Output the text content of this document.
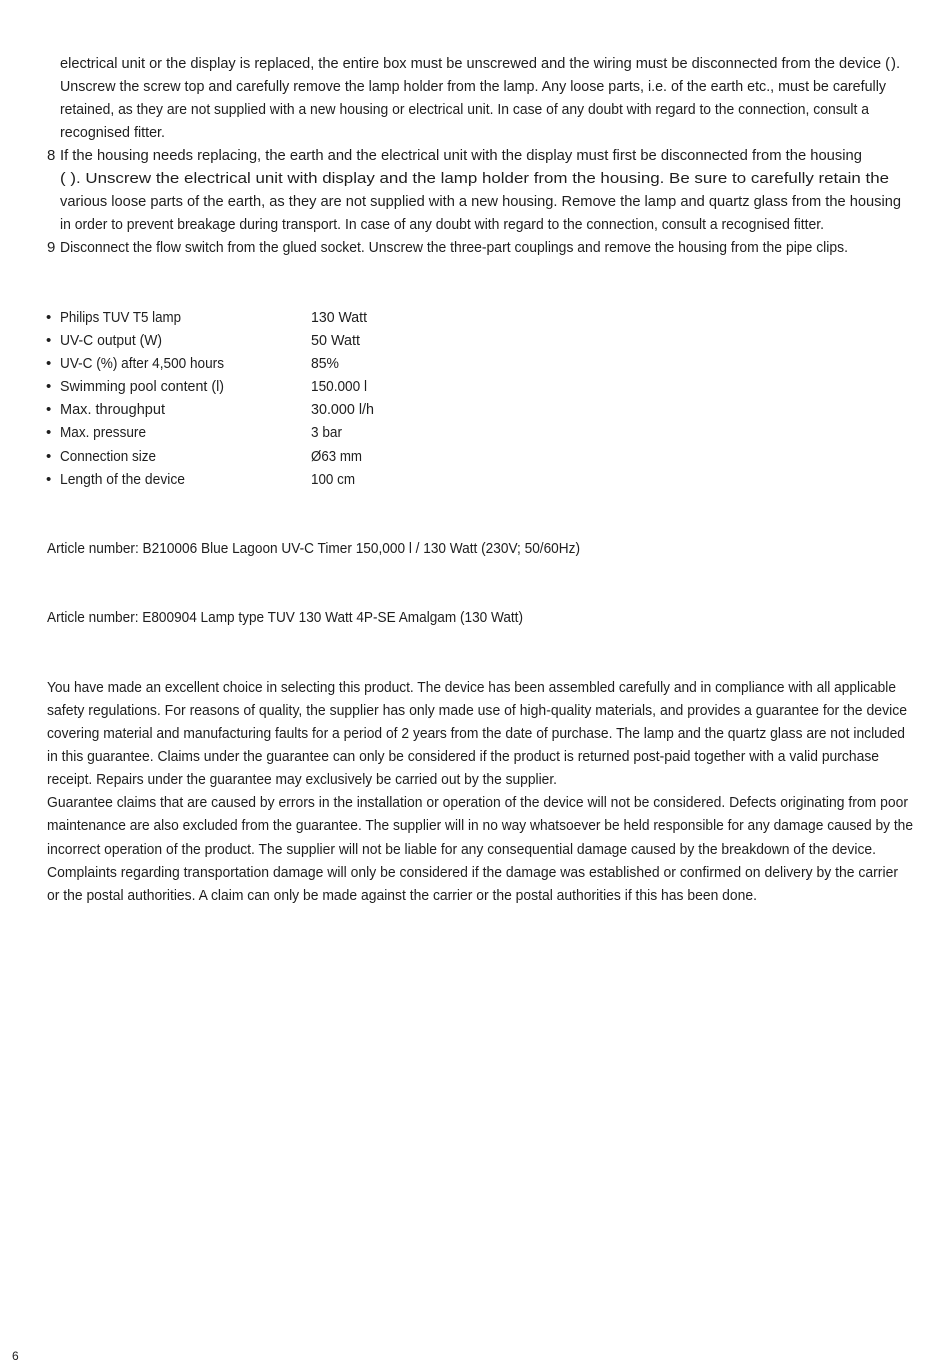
electrical unit or the display is replaced, the entire box must be unscrewed and the wiring must be disconnected from the device ( ).
Unscrew the screw top and carefully remove the lamp holder from the lamp. Any loose parts, i.e. of the earth etc., must be carefully
retained, as they are not supplied with a new housing or electrical unit. In case of any doubt with regard to the connection, consult a
recognised fitter.
8 If the housing needs replacing, the earth and the electrical unit with the display must first be disconnected from the housing
( ). Unscrew the electrical unit with display and the lamp holder from the housing. Be sure to carefully retain the
various loose parts of the earth, as they are not supplied with a new housing. Remove the lamp and quartz glass from the housing
in order to prevent breakage during transport. In case of any doubt with regard to the connection, consult a recognised fitter.
9 Disconnect the flow switch from the glued socket. Unscrew the three-part couplings and remove the housing from the pipe clips.
• Philips TUV T5 lamp	130 Watt
• UV-C output (W)	50 Watt
• UV-C (%) after 4,500 hours	85%
• Swimming pool content (l)	150.000 l
• Max. throughput	30.000 l/h
• Max. pressure	3 bar
• Connection size	Ø63 mm
• Length of the device	100 cm
Article number: B210006 Blue Lagoon UV-C Timer 150,000 l / 130 Watt (230V; 50/60Hz)
Article number: E800904 Lamp type TUV 130 Watt 4P-SE Amalgam (130 Watt)
You have made an excellent choice in selecting this product. The device has been assembled carefully and in compliance with all applicable
safety regulations. For reasons of quality, the supplier has only made use of high-quality materials, and provides a guarantee for the device
covering material and manufacturing faults for a period of 2 years from the date of purchase. The lamp and the quartz glass are not included
in this guarantee. Claims under the guarantee can only be considered if the product is returned post-paid together with a valid purchase
receipt. Repairs under the guarantee may exclusively be carried out by the supplier.
Guarantee claims that are caused by errors in the installation or operation of the device will not be considered. Defects originating from poor
maintenance are also excluded from the guarantee. The supplier will in no way whatsoever be held responsible for any damage caused by the
incorrect operation of the product. The supplier will not be liable for any consequential damage caused by the breakdown of the device.
Complaints regarding transportation damage will only be considered if the damage was established or confirmed on delivery by the carrier
or the postal authorities. A claim can only be made against the carrier or the postal authorities if this has been done.
6
